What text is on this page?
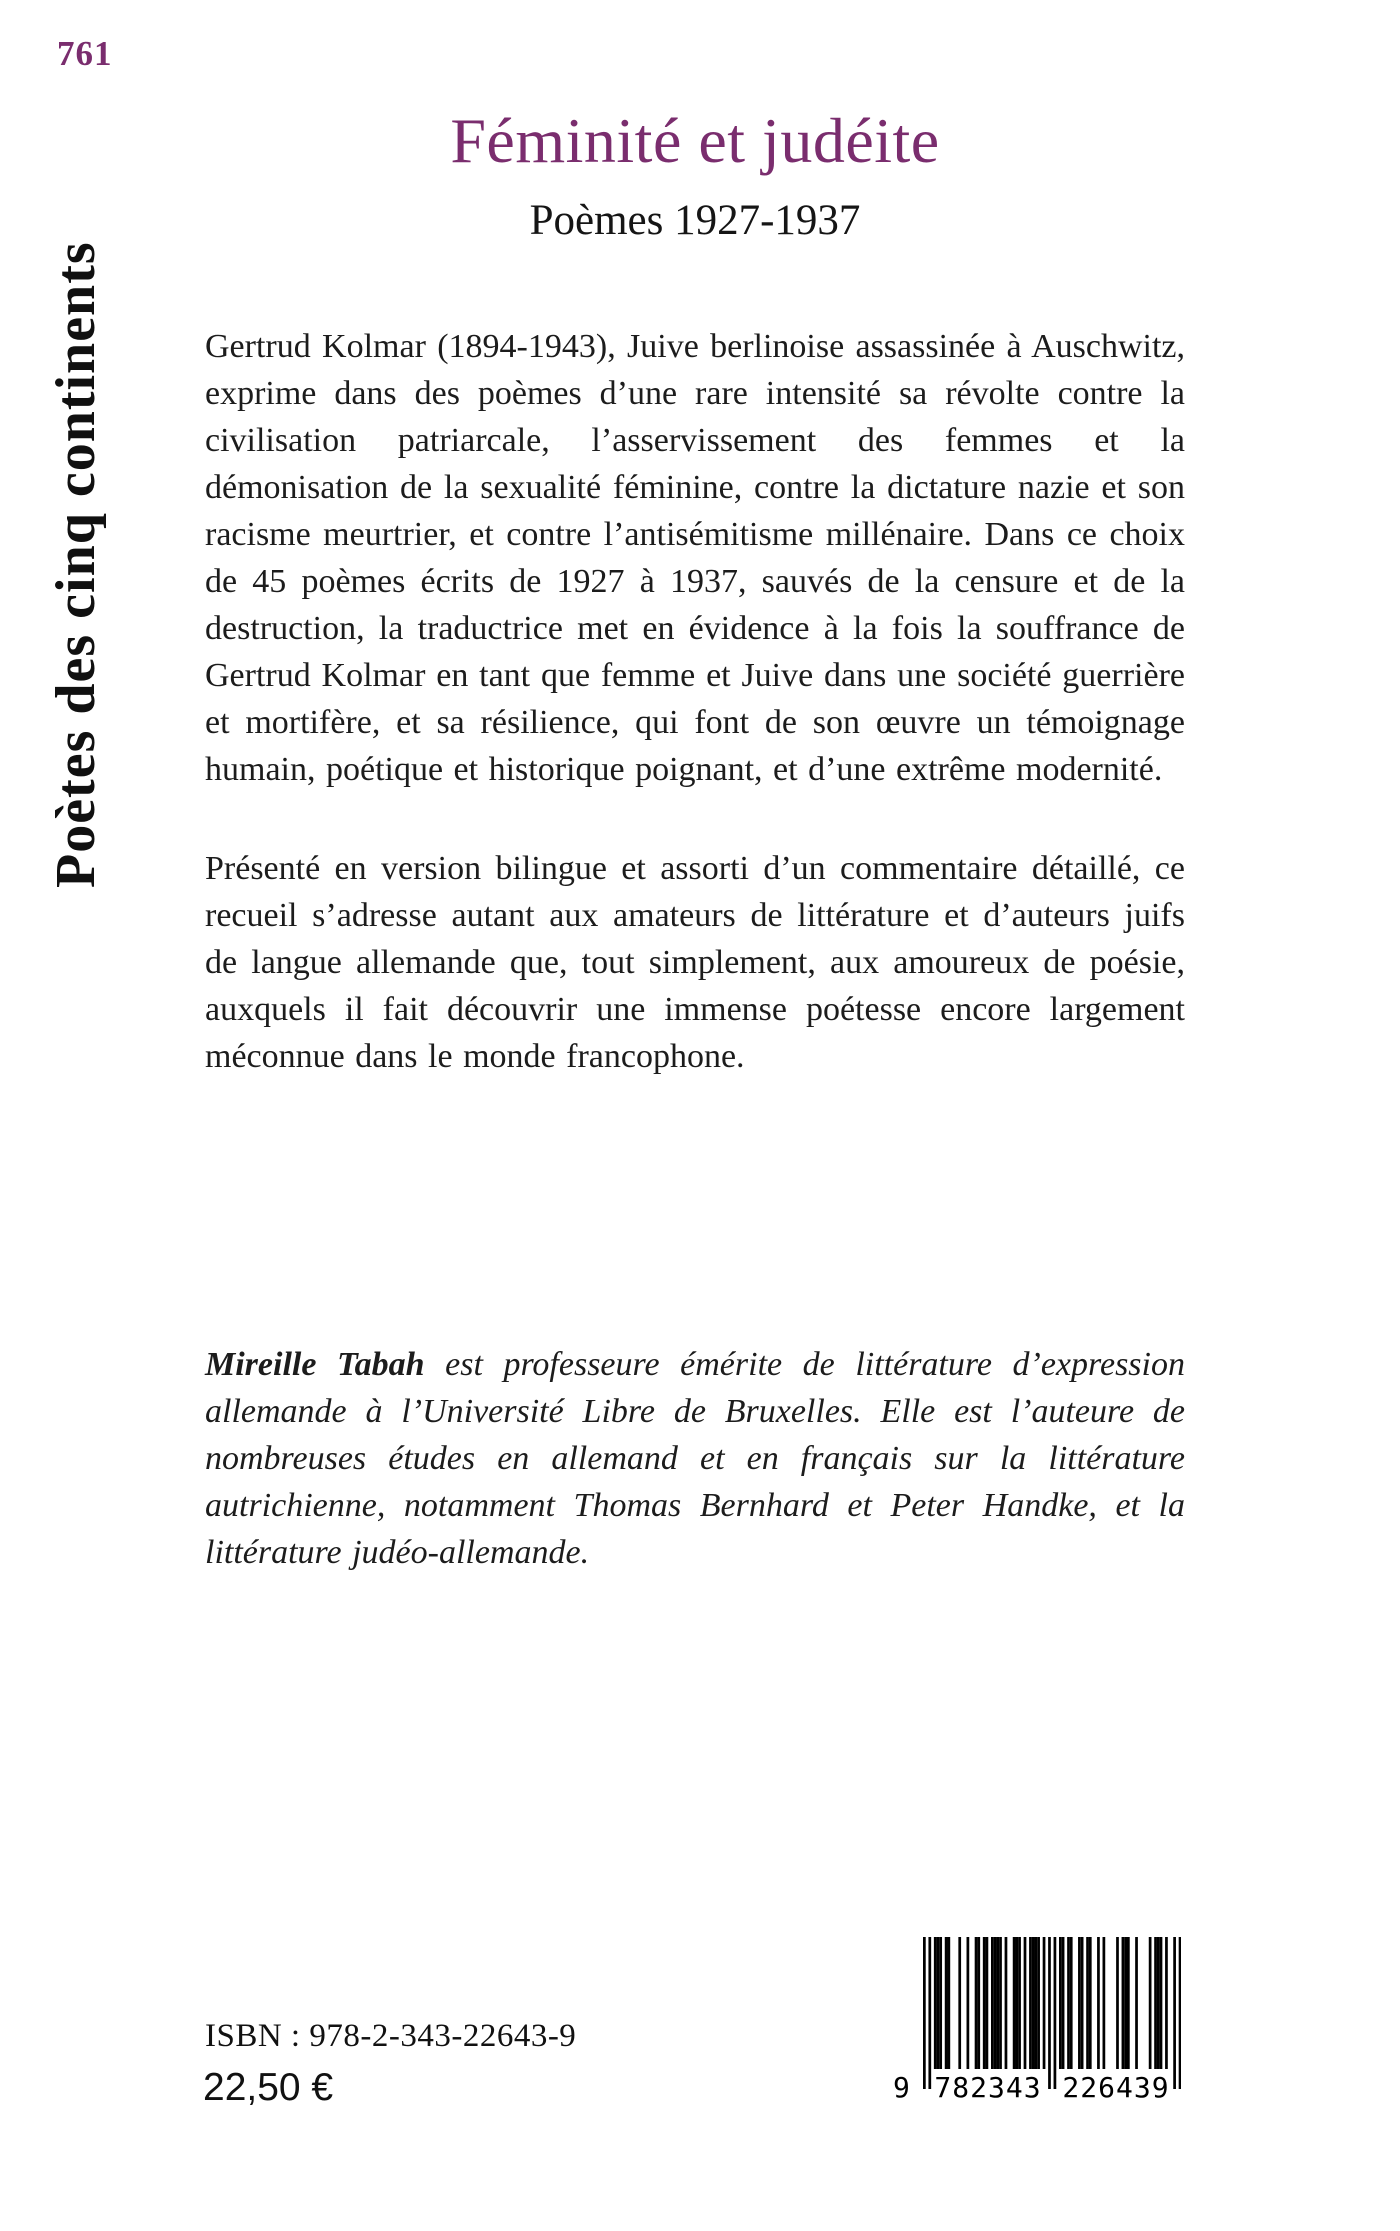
761
Poètes des cinq continents
Féminité et judéite
Poèmes 1927-1937

Gertrud Kolmar (1894-1943), Juive berlinoise assassinée à Auschwitz, exprime dans des poèmes d’une rare intensité sa révolte contre la civilisation patriarcale, l’asservissement des femmes et la démonisation de la sexualité féminine, contre la dictature nazie et son racisme meurtrier, et contre l’antisémitisme millénaire. Dans ce choix de 45 poèmes écrits de 1927 à 1937, sauvés de la censure et de la destruction, la traductrice met en évidence à la fois la souffrance de Gertrud Kolmar en tant que femme et Juive dans une société guerrière et mortifère, et sa résilience, qui font de son œuvre un témoignage humain, poétique et historique poignant, et d’une extrême modernité.

Présenté en version bilingue et assorti d’un commentaire détaillé, ce recueil s’adresse autant aux amateurs de littérature et d’auteurs juifs de langue allemande que, tout simplement, aux amoureux de poésie, auxquels il fait découvrir une immense poétesse encore largement méconnue dans le monde francophone.

Mireille Tabah est professeure émérite de littérature d’expression allemande à l’Université Libre de Bruxelles. Elle est l’auteure de nombreuses études en allemand et en français sur la littérature autrichienne, notamment Thomas Bernhard et Peter Handke, et la littérature judéo-allemande.

ISBN : 978-2-343-22643-9
22,50 €	9 782343 226439
